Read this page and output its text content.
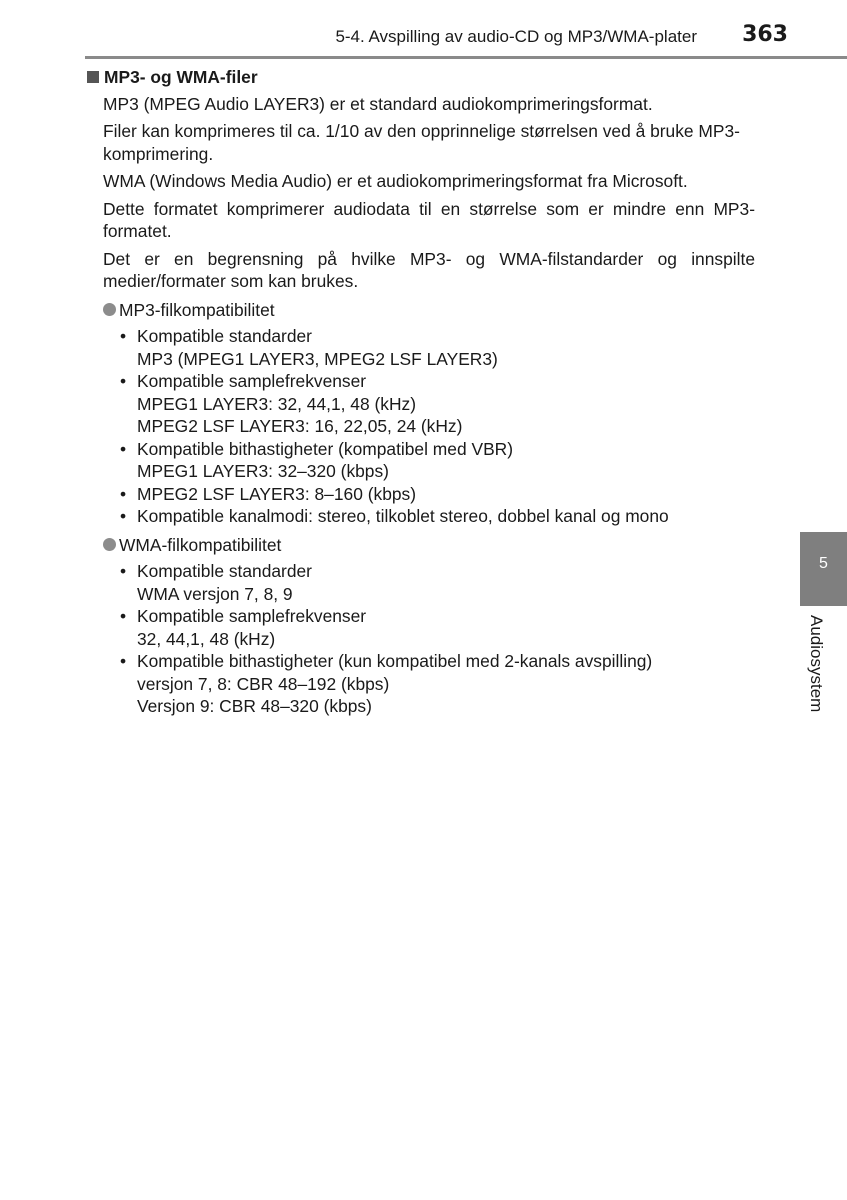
5-4. Avspilling av audio-CD og MP3/WMA-plater 363
MP3- og WMA-filer

MP3 (MPEG Audio LAYER3) er et standard audiokomprimeringsformat.

Filer kan komprimeres til ca. 1/10 av den opprinnelige størrelsen ved å bruke MP3-komprimering.

WMA (Windows Media Audio) er et audiokomprimeringsformat fra Microsoft.

Dette formatet komprimerer audiodata til en størrelse som er mindre enn MP3-formatet.

Det er en begrensning på hvilke MP3- og WMA-filstandarder og innspilte medier/formater som kan brukes.

MP3-filkompatibilitet
• Kompatible standarder
MP3 (MPEG1 LAYER3, MPEG2 LSF LAYER3)
• Kompatible samplefrekvenser
MPEG1 LAYER3: 32, 44,1, 48 (kHz)
MPEG2 LSF LAYER3: 16, 22,05, 24 (kHz)
• Kompatible bithastigheter (kompatibel med VBR)
MPEG1 LAYER3: 32–320 (kbps)
• MPEG2 LSF LAYER3: 8–160 (kbps)
• Kompatible kanalmodi: stereo, tilkoblet stereo, dobbel kanal og mono
WMA-filkompatibilitet
• Kompatible standarder
WMA versjon 7, 8, 9
• Kompatible samplefrekvenser
32, 44,1, 48 (kHz)
• Kompatible bithastigheter (kun kompatibel med 2-kanals avspilling)
versjon 7, 8: CBR 48–192 (kbps)
Versjon 9: CBR 48–320 (kbps)
5
Audiosystem
